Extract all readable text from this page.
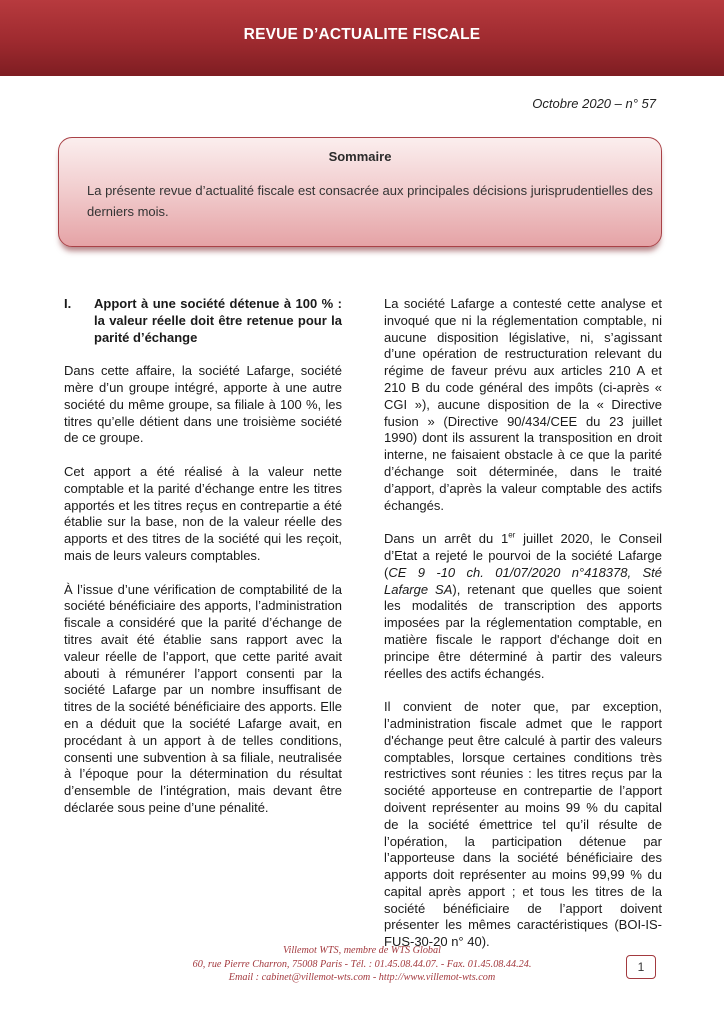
REVUE D’ACTUALITE FISCALE
Octobre 2020 – n° 57
Sommaire
La présente revue d’actualité fiscale est consacrée aux principales décisions jurisprudentielles des derniers mois.
I.	Apport à une société détenue à 100 % : la valeur réelle doit être retenue pour la parité d’échange

Dans cette affaire, la société Lafarge, société mère d’un groupe intégré, apporte à une autre société du même groupe, sa filiale à 100 %, les titres qu’elle détient dans une troisième société de ce groupe.

Cet apport a été réalisé à la valeur nette comptable et la parité d’échange entre les titres apportés et les titres reçus en contrepartie a été établie sur la base, non de la valeur réelle des apports et des titres de la société qui les reçoit, mais de leurs valeurs comptables.

À l’issue d’une vérification de comptabilité de la société bénéficiaire des apports, l’administration fiscale a considéré que la parité d’échange de titres avait été établie sans rapport avec la valeur réelle de l’apport, que cette parité avait abouti à rémunérer l’apport consenti par la société Lafarge par un nombre insuffisant de titres de la société bénéficiaire des apports. Elle en a déduit que la société Lafarge avait, en procédant à un apport à de telles conditions, consenti une subvention à sa filiale, neutralisée à l’époque pour la détermination du résultat d’ensemble de l’intégration, mais devant être déclarée sous peine d’une pénalité.

La société Lafarge a contesté cette analyse et invoqué que ni la réglementation comptable, ni aucune disposition législative, ni, s’agissant d’une opération de restructuration relevant du régime de faveur prévu aux articles 210 A et 210 B du code général des impôts (ci-après « CGI »), aucune disposition de la « Directive fusion » (Directive 90/434/CEE du 23 juillet 1990) dont ils assurent la transposition en droit interne, ne faisaient obstacle à ce que la parité d’échange soit déterminée, dans le traité d’apport, d’après la valeur comptable des actifs échangés.

Dans un arrêt du 1er juillet 2020, le Conseil d’Etat a rejeté le pourvoi de la société Lafarge (CE 9 -10 ch. 01/07/2020 n°418378, Sté Lafarge SA), retenant que quelles que soient les modalités de transcription des apports imposées par la réglementation comptable, en matière fiscale le rapport d'échange doit en principe être déterminé à partir des valeurs réelles des actifs échangés.

Il convient de noter que, par exception, l’administration fiscale admet que le rapport d'échange peut être calculé à partir des valeurs comptables, lorsque certaines conditions très restrictives sont réunies : les titres reçus par la société apporteuse en contrepartie de l’apport doivent représenter au moins 99 % du capital de la société émettrice tel qu’il résulte de l’opération, la participation détenue par l’apporteuse dans la société bénéficiaire des apports doit représenter au moins 99,99 % du capital après apport ; et tous les titres de la société bénéficiaire de l’apport doivent présenter les mêmes caractéristiques (BOI-IS-FUS-30-20 n° 40).

Villemot WTS, membre de WTS Global
60, rue Pierre Charron, 75008 Paris - Tél. : 01.45.08.44.07. - Fax. 01.45.08.44.24.
Email : cabinet@villemot-wts.com - http://www.villemot-wts.com
1
